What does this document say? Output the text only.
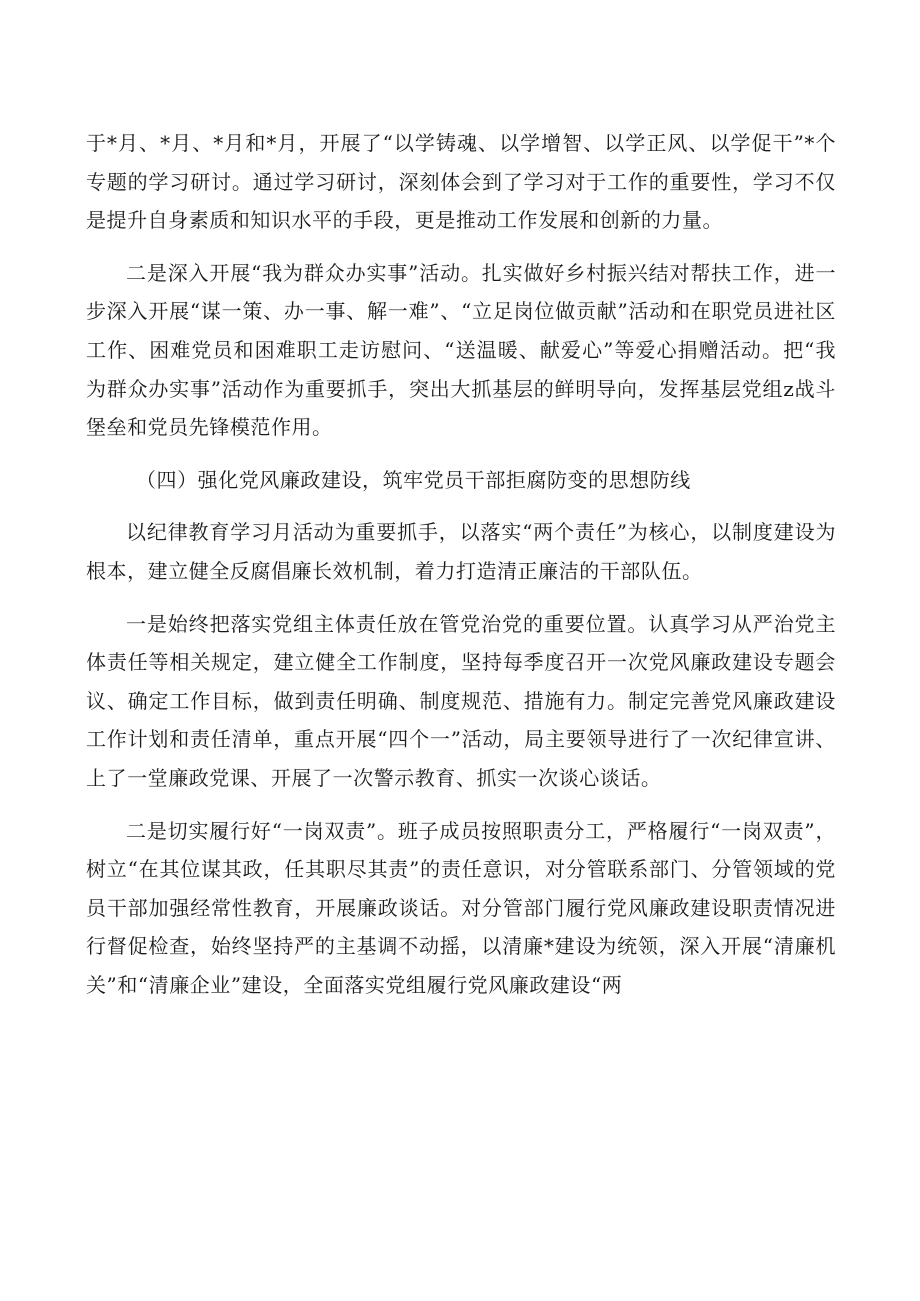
于*月、*月、*月和*月，开展了“以学铸魂、以学增智、以学正风、以学促干”*个专题的学习研讨。通过学习研讨，深刻体会到了学习对于工作的重要性，学习不仅是提升自身素质和知识水平的手段，更是推动工作发展和创新的力量。

二是深入开展“我为群众办实事”活动。扎实做好乡村振兴结对帮扶工作，进一步深入开展“谋一策、办一事、解一难”、“立足岗位做贡献”活动和在职党员进社区工作、困难党员和困难职工走访慰问、“送温暖、献爱心”等爱心捐赠活动。把“我为群众办实事”活动作为重要抓手，突出大抓基层的鲜明导向，发挥基层党组z战斗堡垒和党员先锋模范作用。

（四）强化党风廉政建设，筑牢党员干部拒腐防变的思想防线

以纪律教育学习月活动为重要抓手，以落实“两个责任”为核心，以制度建设为根本，建立健全反腐倡廉长效机制，着力打造清正廉洁的干部队伍。

一是始终把落实党组主体责任放在管党治党的重要位置。认真学习从严治党主体责任等相关规定，建立健全工作制度，坚持每季度召开一次党风廉政建设专题会议、确定工作目标，做到责任明确、制度规范、措施有力。制定完善党风廉政建设工作计划和责任清单，重点开展“四个一”活动，局主要领导进行了一次纪律宣讲、上了一堂廉政党课、开展了一次警示教育、抓实一次谈心谈话。

二是切实履行好“一岗双责”。班子成员按照职责分工，严格履行“一岗双责”，树立“在其位谋其政，任其职尽其责”的责任意识，对分管联系部门、分管领域的党员干部加强经常性教育，开展廉政谈话。对分管部门履行党风廉政建设职责情况进行督促检查，始终坚持严的主基调不动摇，以清廉*建设为统领，深入开展“清廉机关”和“清廉企业”建设，全面落实党组履行党风廉政建设“两
